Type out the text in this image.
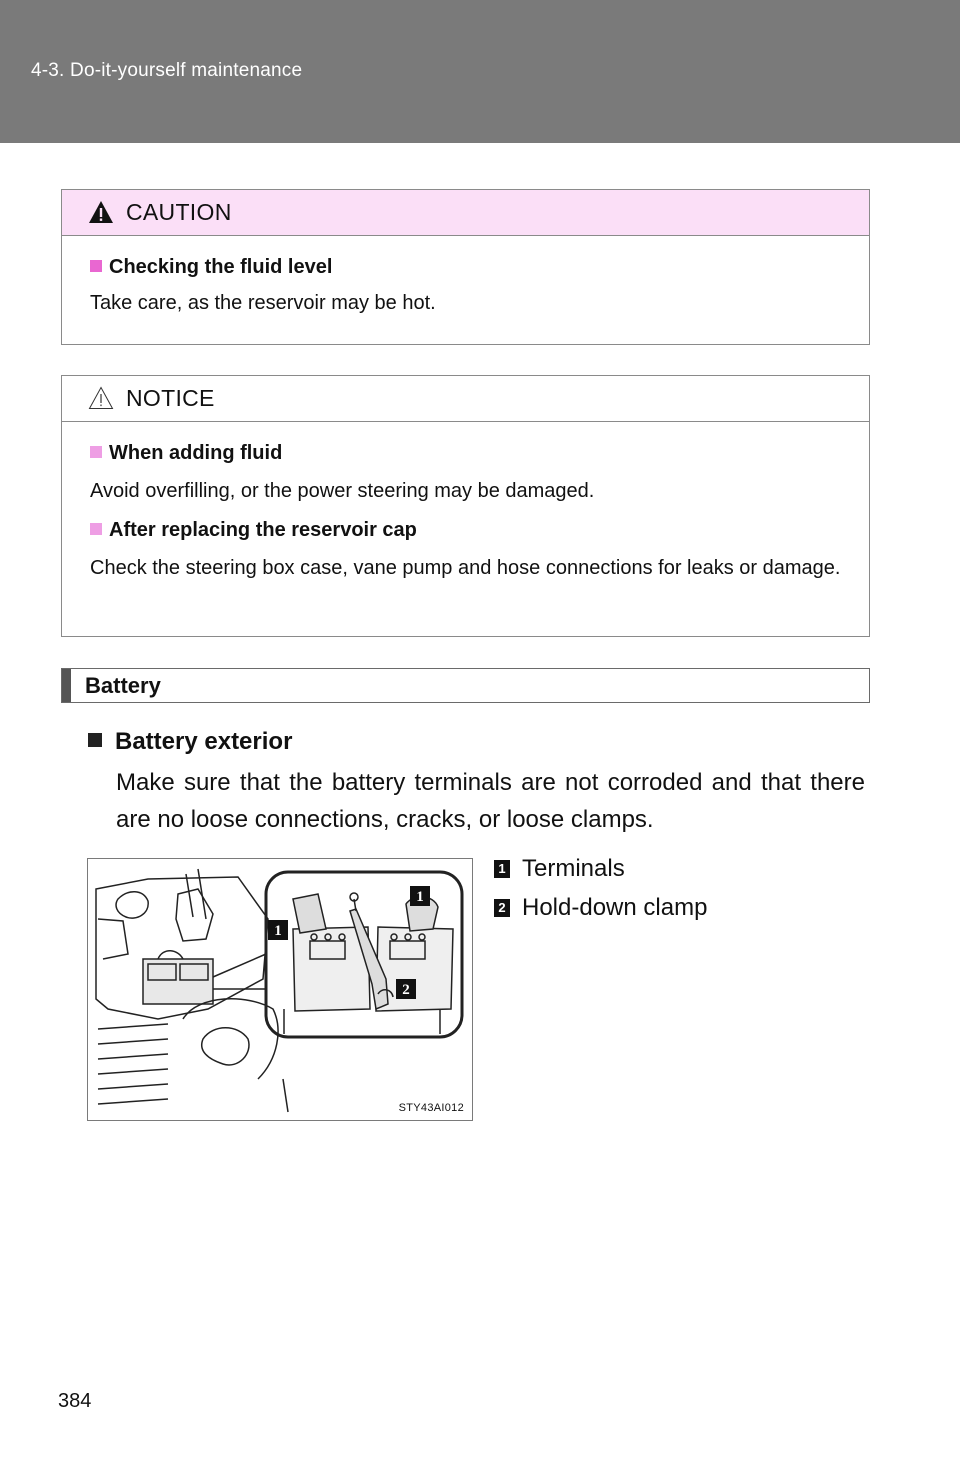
4-3. Do-it-yourself maintenance
CAUTION
Checking the fluid level
Take care, as the reservoir may be hot.
NOTICE
When adding fluid
Avoid overfilling, or the power steering may be damaged.
After replacing the reservoir cap
Check the steering box case, vane pump and hose connections for leaks or damage.
Battery
Battery exterior
Make sure that the battery terminals are not corroded and that there are no loose connections, cracks, or loose clamps.
1
1
2
STY43AI012
1 Terminals
2 Hold-down clamp
384
